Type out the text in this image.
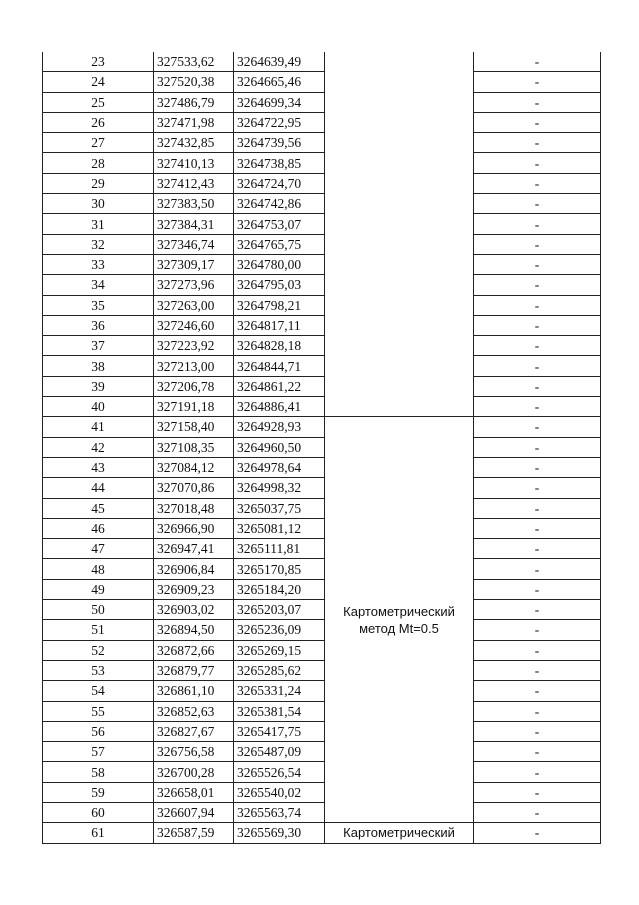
23	327533,62	3264639,49		-
24	327520,38	3264665,46		-
25	327486,79	3264699,34		-
26	327471,98	3264722,95		-
27	327432,85	3264739,56		-
28	327410,13	3264738,85		-
29	327412,43	3264724,70		-
30	327383,50	3264742,86		-
31	327384,31	3264753,07		-
32	327346,74	3264765,75		-
33	327309,17	3264780,00		-
34	327273,96	3264795,03		-
35	327263,00	3264798,21		-
36	327246,60	3264817,11		-
37	327223,92	3264828,18		-
38	327213,00	3264844,71		-
39	327206,78	3264861,22		-
40	327191,18	3264886,41		-
41	327158,40	3264928,93	Картометрический метод Mt=0.5	-
42	327108,35	3264960,50		-
43	327084,12	3264978,64		-
44	327070,86	3264998,32		-
45	327018,48	3265037,75		-
46	326966,90	3265081,12		-
47	326947,41	3265111,81		-
48	326906,84	3265170,85		-
49	326909,23	3265184,20		-
50	326903,02	3265203,07		-
51	326894,50	3265236,09		-
52	326872,66	3265269,15		-
53	326879,77	3265285,62		-
54	326861,10	3265331,24		-
55	326852,63	3265381,54		-
56	326827,67	3265417,75		-
57	326756,58	3265487,09		-
58	326700,28	3265526,54		-
59	326658,01	3265540,02		-
60	326607,94	3265563,74		-
61	326587,59	3265569,30	Картометрический	-
